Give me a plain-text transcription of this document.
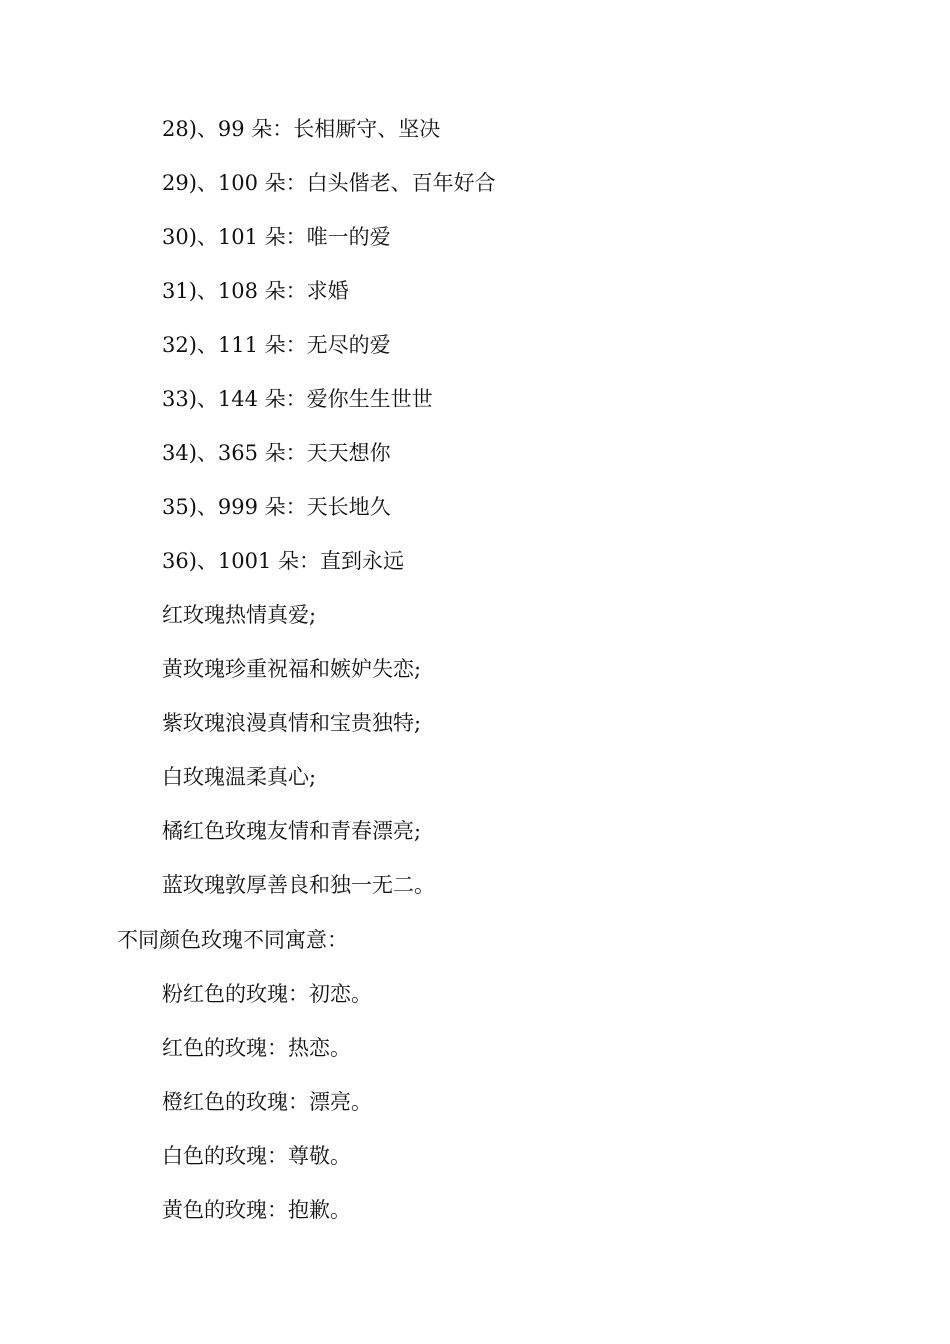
28)、99 朵：长相厮守、坚决
29)、100 朵：白头偕老、百年好合
30)、101 朵：唯一的爱
31)、108 朵：求婚
32)、111 朵：无尽的爱
33)、144 朵：爱你生生世世
34)、365 朵：天天想你
35)、999 朵：天长地久
36)、1001 朵：直到永远
红玫瑰热情真爱;
黄玫瑰珍重祝福和嫉妒失恋;
紫玫瑰浪漫真情和宝贵独特;
白玫瑰温柔真心;
橘红色玫瑰友情和青春漂亮;
蓝玫瑰敦厚善良和独一无二。
不同颜色玫瑰不同寓意：
粉红色的玫瑰：初恋。
红色的玫瑰：热恋。
橙红色的玫瑰：漂亮。
白色的玫瑰：尊敬。
黄色的玫瑰：抱歉。
